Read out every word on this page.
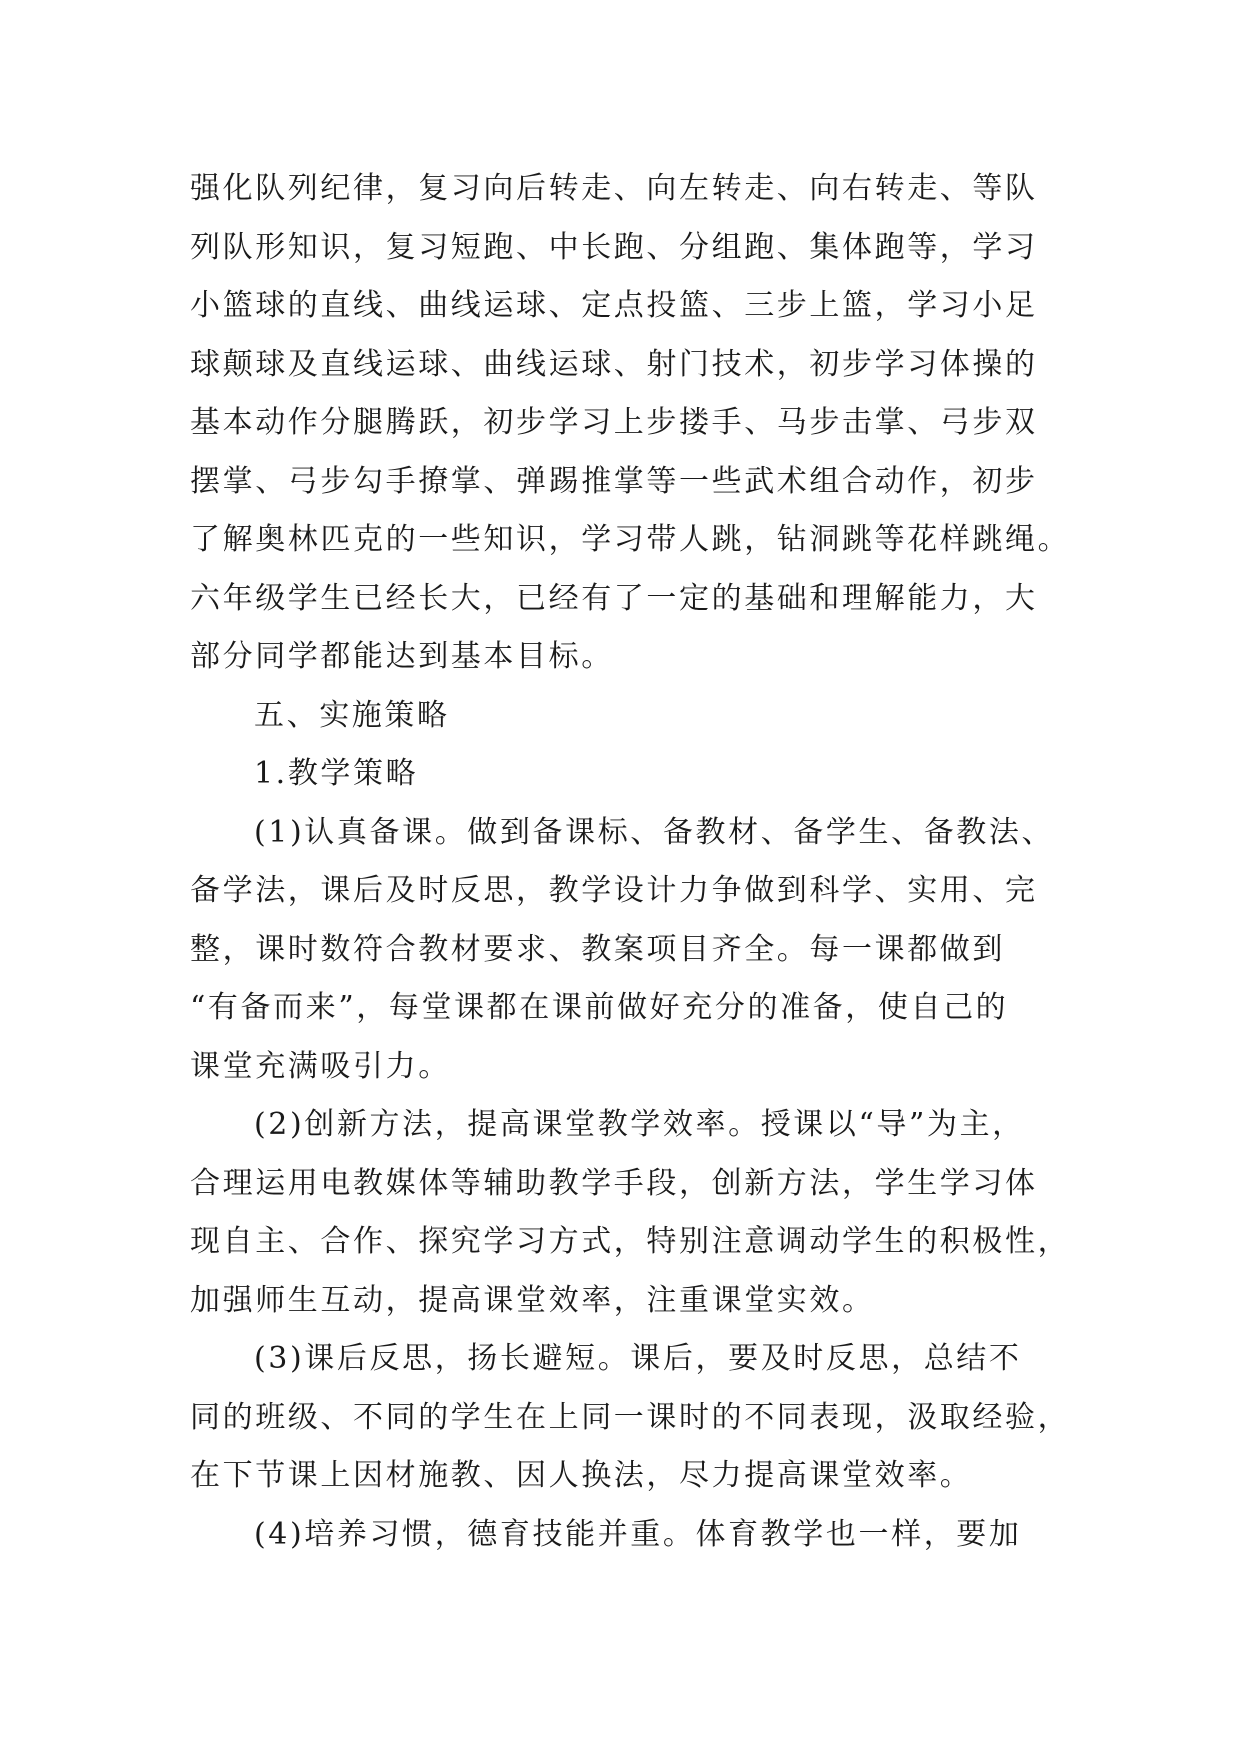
强化队列纪律，复习向后转走、向左转走、向右转走、等队
列队形知识，复习短跑、中长跑、分组跑、集体跑等，学习
小篮球的直线、曲线运球、定点投篮、三步上篮，学习小足
球颠球及直线运球、曲线运球、射门技术，初步学习体操的
基本动作分腿腾跃，初步学习上步搂手、马步击掌、弓步双
摆掌、弓步勾手撩掌、弹踢推掌等一些武术组合动作，初步
了解奥林匹克的一些知识，学习带人跳，钻洞跳等花样跳绳。
六年级学生已经长大，已经有了一定的基础和理解能力，大
部分同学都能达到基本目标。
五、实施策略
1.教学策略
(1)认真备课。做到备课标、备教材、备学生、备教法、
备学法，课后及时反思，教学设计力争做到科学、实用、完
整，课时数符合教材要求、教案项目齐全。每一课都做到
“有备而来”，每堂课都在课前做好充分的准备，使自己的
课堂充满吸引力。
(2)创新方法，提高课堂教学效率。授课以“导”为主，
合理运用电教媒体等辅助教学手段，创新方法，学生学习体
现自主、合作、探究学习方式，特别注意调动学生的积极性，
加强师生互动，提高课堂效率，注重课堂实效。
(3)课后反思，扬长避短。课后，要及时反思，总结不
同的班级、不同的学生在上同一课时的不同表现，汲取经验，
在下节课上因材施教、因人换法，尽力提高课堂效率。
(4)培养习惯，德育技能并重。体育教学也一样，要加
